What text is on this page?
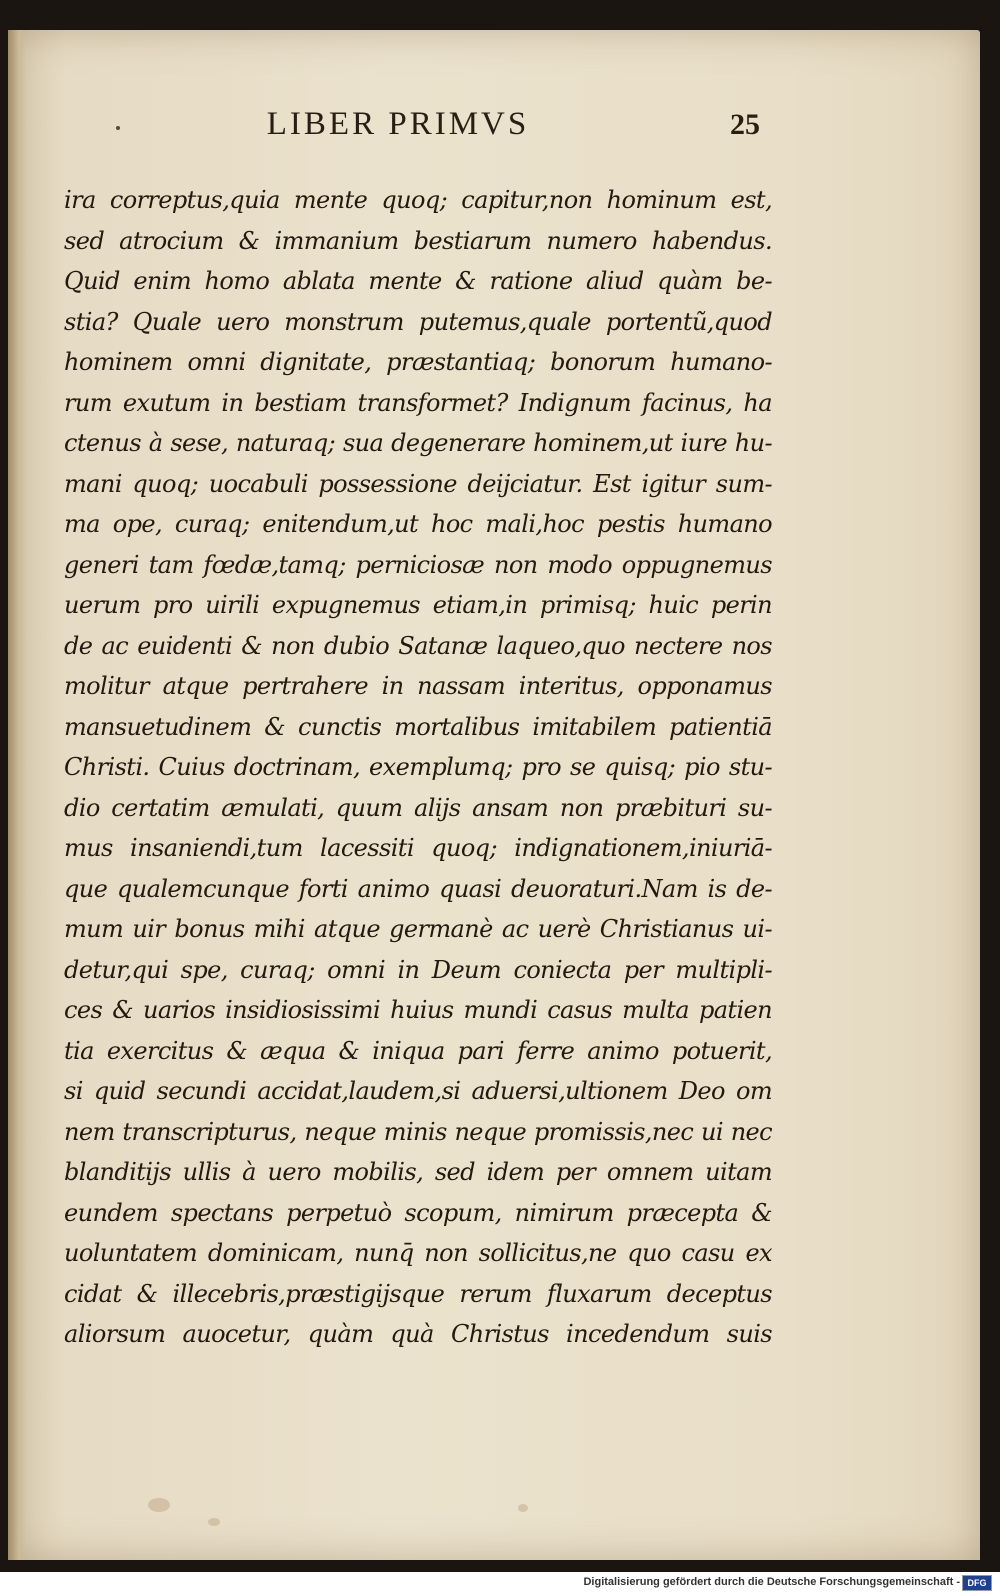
LIBER PRIMVS	25
ira correptus,quia mente quoq; capitur,non hominum est,
sed atrocium & immanium bestiarum numero habendus.
Quid enim homo ablata mente & ratione aliud quàm be-
stia? Quale uero monstrum putemus,quale portentũ,quod
hominem omni dignitate, præstantiaq; bonorum humano-
rum exutum in bestiam transformet? Indignum facinus, ha
ctenus à sese, naturaq; sua degenerare hominem,ut iure hu-
mani quoq; uocabuli possessione deijciatur. Est igitur sum-
ma ope, curaq; enitendum,ut hoc mali,hoc pestis humano
generi tam fœdæ,tamq; perniciosæ non modo oppugnemus
uerum pro uirili expugnemus etiam,in primisq; huic perin
de ac euidenti & non dubio Satanæ laqueo,quo nectere nos
molitur atque pertrahere in nassam interitus, opponamus
mansuetudinem & cunctis mortalibus imitabilem patientiā
Christi. Cuius doctrinam, exemplumq; pro se quisq; pio stu-
dio certatim æmulati, quum alijs ansam non præbituri su-
mus insaniendi,tum lacessiti quoq; indignationem,iniuriā-
que qualemcunque forti animo quasi deuoraturi.Nam is de-
mum uir bonus mihi atque germanè ac uerè Christianus ui-
detur,qui spe, curaq; omni in Deum coniecta per multipli-
ces & uarios insidiosissimi huius mundi casus multa patien
tia exercitus & æqua & iniqua pari ferre animo potuerit,
si quid secundi accidat,laudem,si aduersi,ultionem Deo om
nem transcripturus, neque minis neque promissis,nec ui nec
blanditijs ullis à uero mobilis, sed idem per omnem uitam
eundem spectans perpetuò scopum, nimirum præcepta &
uoluntatem dominicam, nunq̄ non sollicitus,ne quo casu ex
cidat & illecebris,præstigijsque rerum fluxarum deceptus
aliorsum auocetur, quàm quà Christus incedendum suis
Digitalisierung gefördert durch die Deutsche Forschungsgemeinschaft - DFG
